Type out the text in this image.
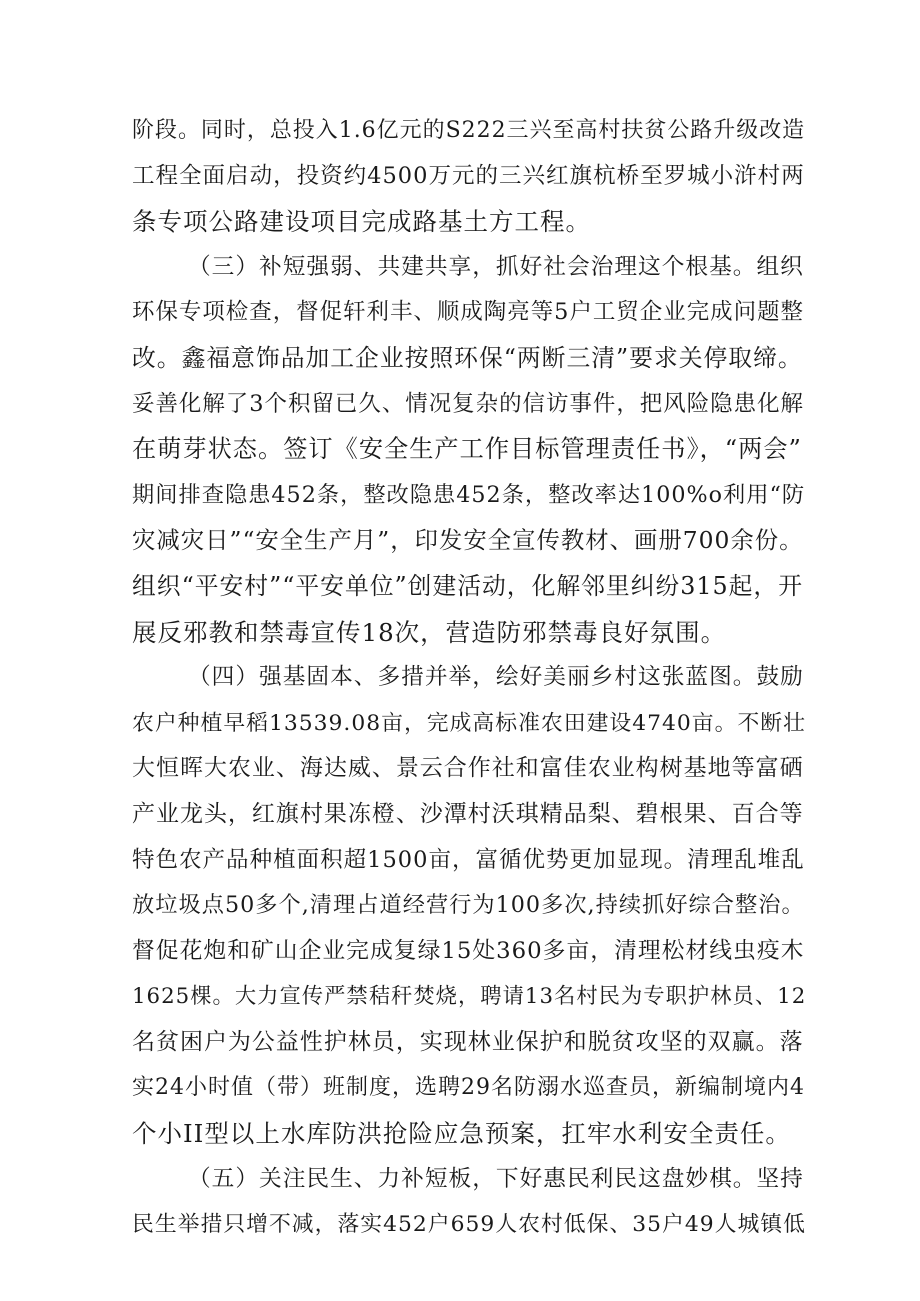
阶段。同时，总投入1.6亿元的S222三兴至高村扶贫公路升级改造
工程全面启动，投资约4500万元的三兴红旗杭桥至罗城小浒村两
条专项公路建设项目完成路基土方工程。
（三）补短强弱、共建共享，抓好社会治理这个根基。组织
环保专项检查，督促轩利丰、顺成陶亮等5户工贸企业完成问题整
改。鑫福意饰品加工企业按照环保“两断三清”要求关停取缔。
妥善化解了3个积留已久、情况复杂的信访事件，把风险隐患化解
在萌芽状态。签订《安全生产工作目标管理责任书》，“两会”
期间排查隐患452条，整改隐患452条，整改率达100%o利用“防
灾减灾日”“安全生产月”，印发安全宣传教材、画册700余份。
组织“平安村”“平安单位”创建活动，化解邻里纠纷315起，开
展反邪教和禁毒宣传18次，营造防邪禁毒良好氛围。
（四）强基固本、多措并举，绘好美丽乡村这张蓝图。鼓励
农户种植早稻13539.08亩，完成高标准农田建设4740亩。不断壮
大恒晖大农业、海达威、景云合作社和富佳农业构树基地等富硒
产业龙头，红旗村果冻橙、沙潭村沃琪精品梨、碧根果、百合等
特色农产品种植面积超1500亩，富循优势更加显现。清理乱堆乱
放垃圾点50多个,清理占道经营行为100多次,持续抓好综合整治。
督促花炮和矿山企业完成复绿15处360多亩，清理松材线虫疫木
1625棵。大力宣传严禁秸秆焚烧，聘请13名村民为专职护林员、12
名贫困户为公益性护林员，实现林业保护和脱贫攻坚的双赢。落
实24小时值（带）班制度，选聘29名防溺水巡查员，新编制境内4
个小II型以上水库防洪抢险应急预案，扛牢水利安全责任。
（五）关注民生、力补短板，下好惠民利民这盘妙棋。坚持
民生举措只增不减，落实452户659人农村低保、35户49人城镇低
